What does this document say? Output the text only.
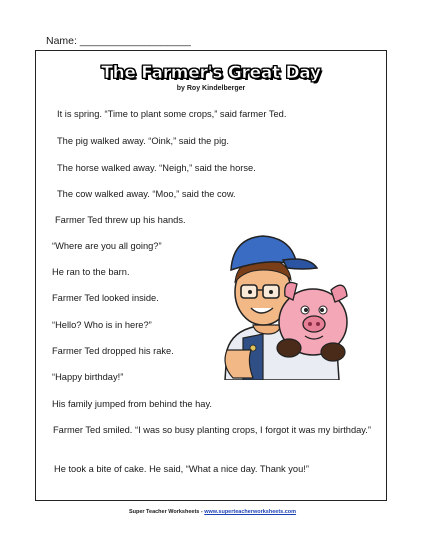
Name: ___________________
The Farmer's Great Day
by Roy Kindelberger
It is spring. “Time to plant some crops,” said farmer Ted.
The pig walked away. “Oink,” said the pig.
The horse walked away. “Neigh,” said the horse.
The cow walked away. “Moo,” said the cow.
Farmer Ted threw up his hands.
“Where are you all going?”
He ran to the barn.
Farmer Ted looked inside.
“Hello? Who is in here?”
Farmer Ted dropped his rake.
“Happy birthday!”
His family jumped from behind the hay.
Farmer Ted smiled. “I was so busy planting crops, I forgot it was my birthday.”
He took a bite of cake. He said, “What a nice day. Thank you!”
Super Teacher Worksheets - www.superteacherworksheets.com
